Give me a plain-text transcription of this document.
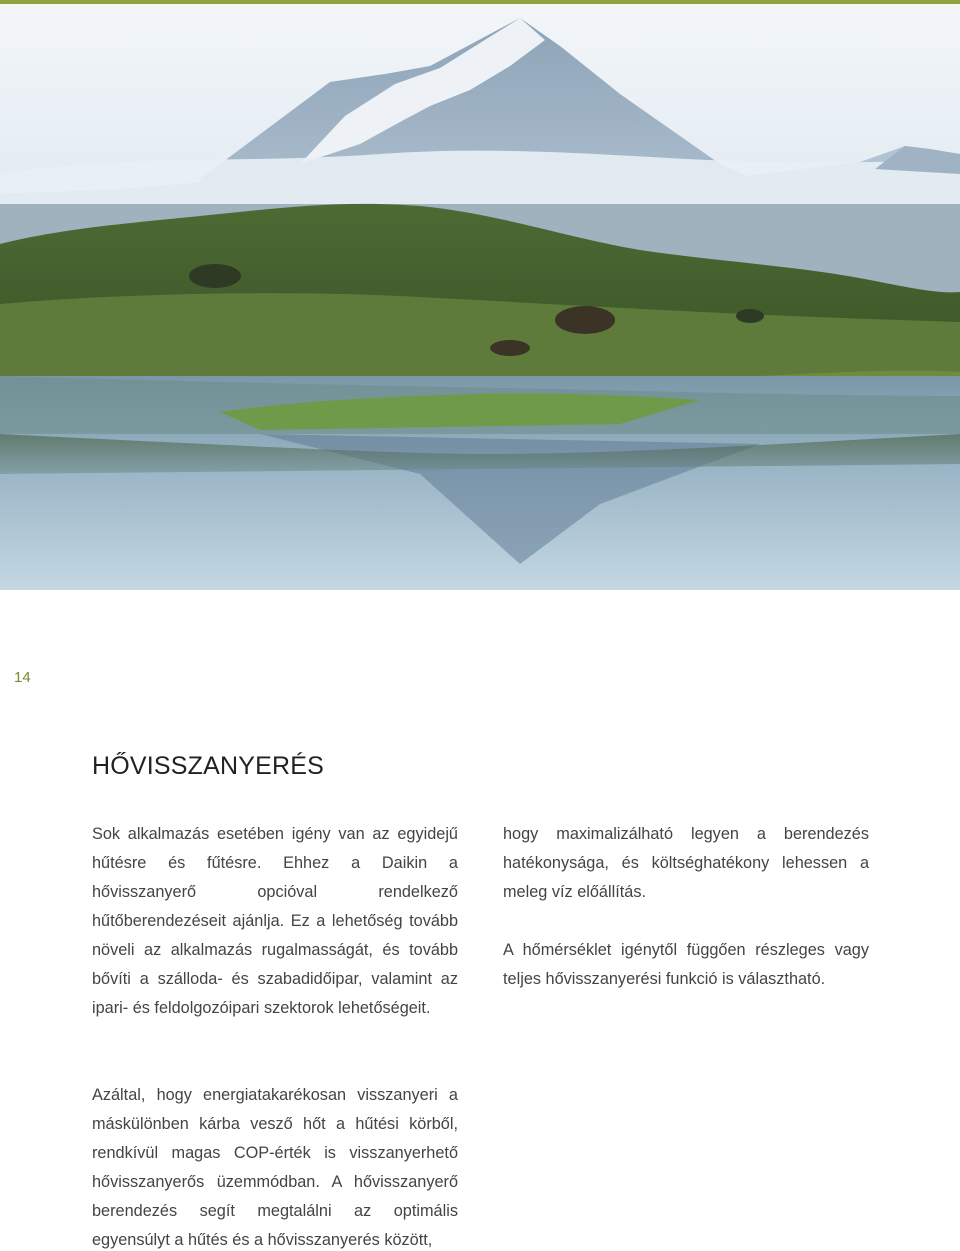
14
HŐVISSZANYERÉS

Sok alkalmazás esetében igény van az egyidejű hűtésre és fűtésre. Ehhez a Daikin a hővisszanyerő opcióval rendelkező hűtőberendezéseit ajánlja. Ez a lehetőség tovább növeli az alkalmazás rugalmasságát, és tovább bővíti a szálloda- és szabadidőipar, valamint az ipari- és feldolgozóipari szektorok lehetőségeit.

hogy maximalizálható legyen a berendezés hatékonysága, és költséghatékony lehessen a meleg víz előállítás.

A hőmérséklet igénytől függően részleges vagy teljes hővisszanyerési funkció is választható.

Azáltal, hogy energiatakarékosan visszanyeri a máskülönben kárba vesző hőt a hűtési körből, rendkívül magas COP-érték is visszanyerhető hővisszanyerős üzemmódban. A hővisszanyerő berendezés segít megtalálni az optimális egyensúlyt a hűtés és a hővisszanyerés között,
